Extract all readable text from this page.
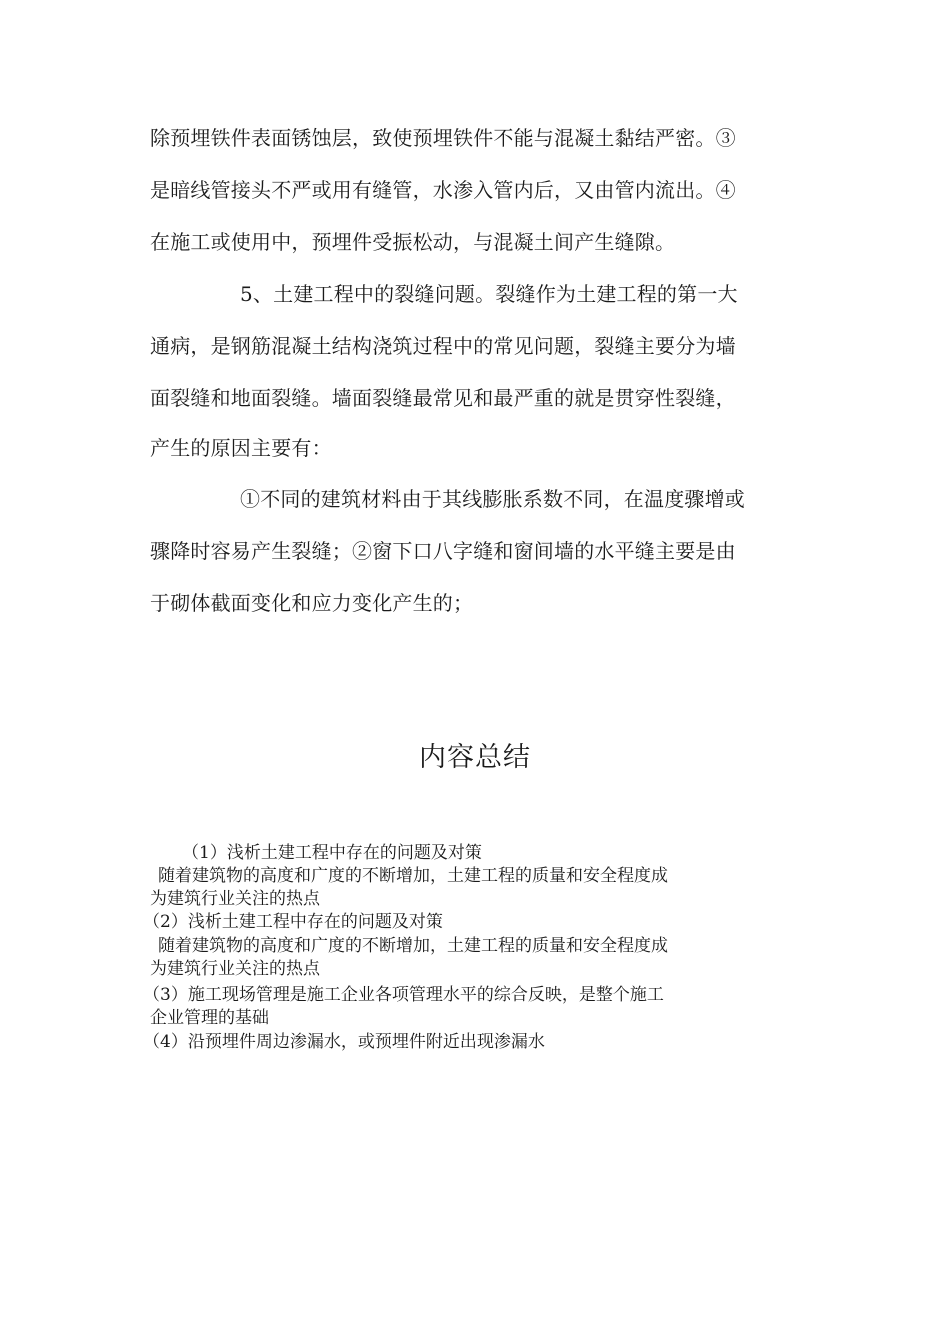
除预埋铁件表面锈蚀层，致使预埋铁件不能与混凝土黏结严密。③
是暗线管接头不严或用有缝管，水渗入管内后，又由管内流出。④
在施工或使用中，预埋件受振松动，与混凝土间产生缝隙。
5、土建工程中的裂缝问题。裂缝作为土建工程的第一大
通病，是钢筋混凝土结构浇筑过程中的常见问题，裂缝主要分为墙
面裂缝和地面裂缝。墙面裂缝最常见和最严重的就是贯穿性裂缝，
产生的原因主要有：
①不同的建筑材料由于其线膨胀系数不同，在温度骤增或
骤降时容易产生裂缝；②窗下口八字缝和窗间墙的水平缝主要是由
于砌体截面变化和应力变化产生的；
内容总结
（1）浅析土建工程中存在的问题及对策
随着建筑物的高度和广度的不断增加，土建工程的质量和安全程度成
为建筑行业关注的热点
（2）浅析土建工程中存在的问题及对策
随着建筑物的高度和广度的不断增加，土建工程的质量和安全程度成
为建筑行业关注的热点
（3）施工现场管理是施工企业各项管理水平的综合反映，是整个施工
企业管理的基础
（4）沿预埋件周边渗漏水，或预埋件附近出现渗漏水
